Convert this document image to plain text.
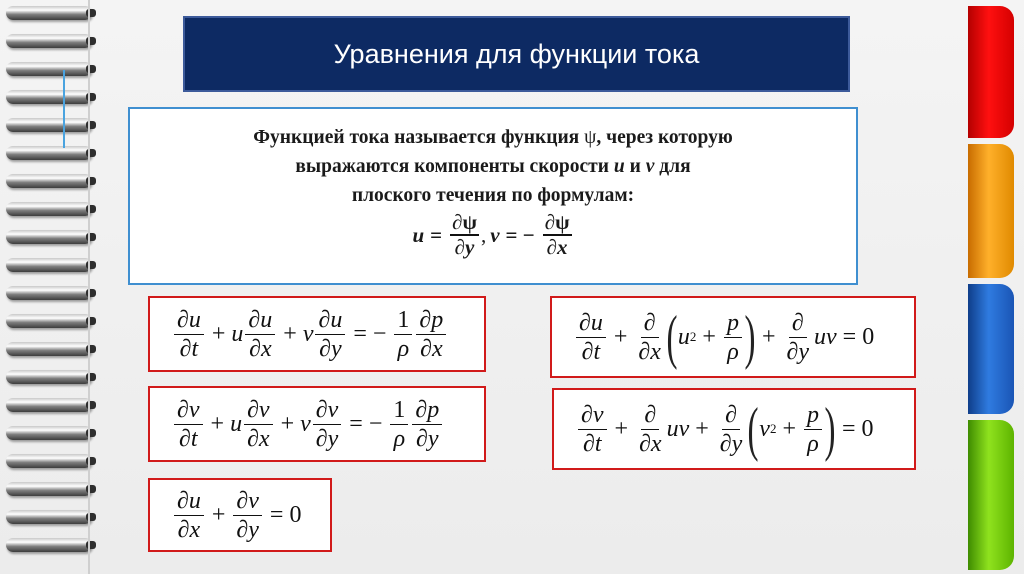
Уравнения для функции тока
Функцией тока называется функция ψ, через которую
выражаются компоненты скорости u и v для
плоского течения по формулам:
$u = \frac{\partial\psi}{\partial y}$ , v = − $\frac{\partial\psi}{\partial x}$
$\frac{\partial u}{\partial t} + u \frac{\partial u}{\partial x} + v \frac{\partial u}{\partial y}$ = − $\frac{1}{\rho} \frac{\partial p}{\partial x}$
$\frac{\partial v}{\partial t} + u \frac{\partial v}{\partial x} + v \frac{\partial v}{\partial y}$ = − $\frac{1}{\rho} \frac{\partial p}{\partial y}$
$\frac{\partial u}{\partial x} + \frac{\partial v}{\partial y} = 0$
$\frac{\partial u}{\partial t} + \frac{\partial}{\partial x}$ ( u $2 + \frac{p}{\rho}$ ) + $\frac{\partial}{\partial y}$ uv = 0
$\frac{\partial v}{\partial t} + \frac{\partial}{\partial x}$ uv + $\frac{\partial}{\partial y}$ ( v $2 + \frac{p}{\rho}$ ) = 0
